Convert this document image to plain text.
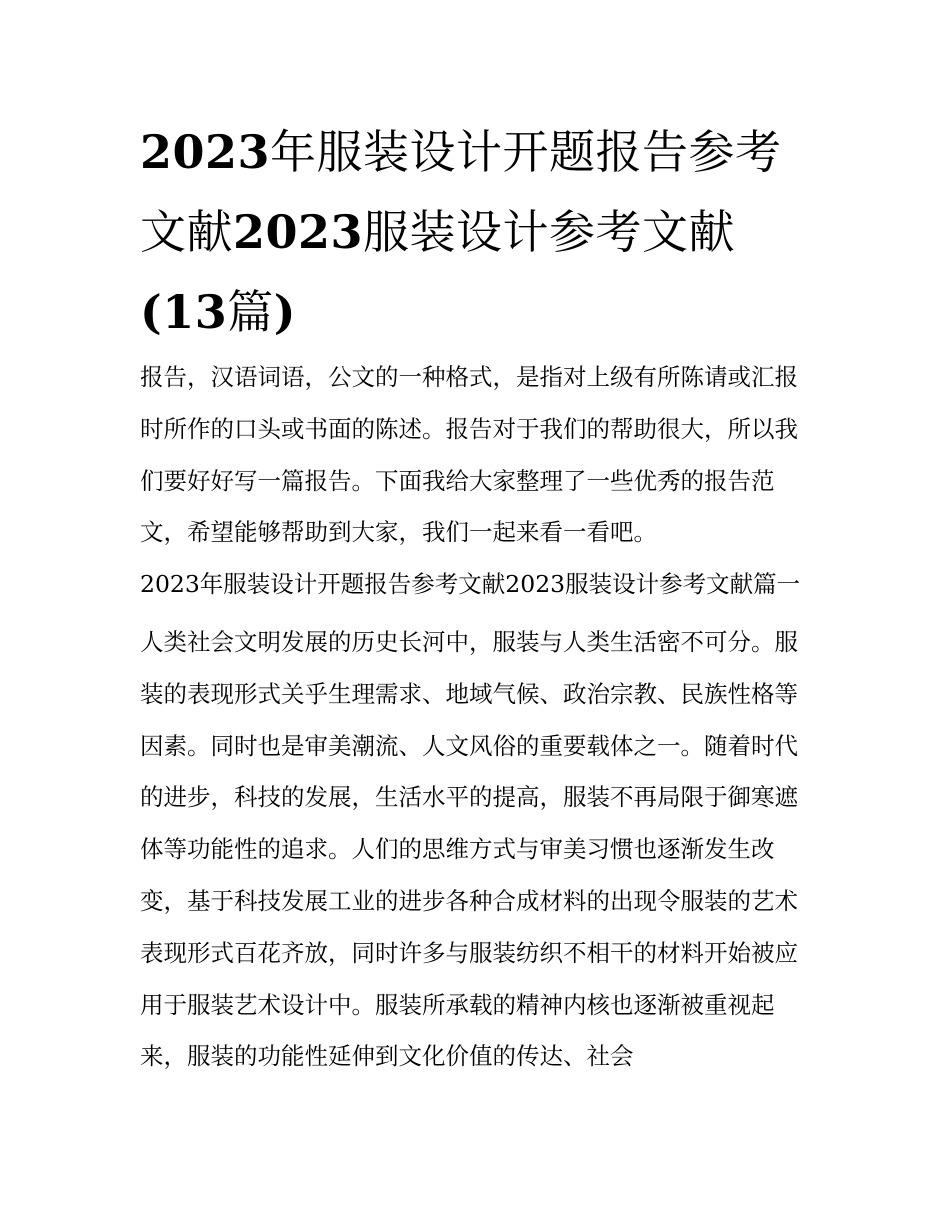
2023年服装设计开题报告参考文献2023服装设计参考文献(13篇)

报告，汉语词语，公文的一种格式，是指对上级有所陈请或汇报时所作的口头或书面的陈述。报告对于我们的帮助很大，所以我们要好好写一篇报告。下面我给大家整理了一些优秀的报告范文，希望能够帮助到大家，我们一起来看一看吧。

2023年服装设计开题报告参考文献2023服装设计参考文献篇一

人类社会文明发展的历史长河中，服装与人类生活密不可分。服装的表现形式关乎生理需求、地域气候、政治宗教、民族性格等因素。同时也是审美潮流、人文风俗的重要载体之一。随着时代的进步，科技的发展，生活水平的提高，服装不再局限于御寒遮体等功能性的追求。人们的思维方式与审美习惯也逐渐发生改变，基于科技发展工业的进步各种合成材料的出现令服装的艺术表现形式百花齐放，同时许多与服装纺织不相干的材料开始被应用于服装艺术设计中。服装所承载的精神内核也逐渐被重视起来，服装的功能性延伸到文化价值的传达、社会
